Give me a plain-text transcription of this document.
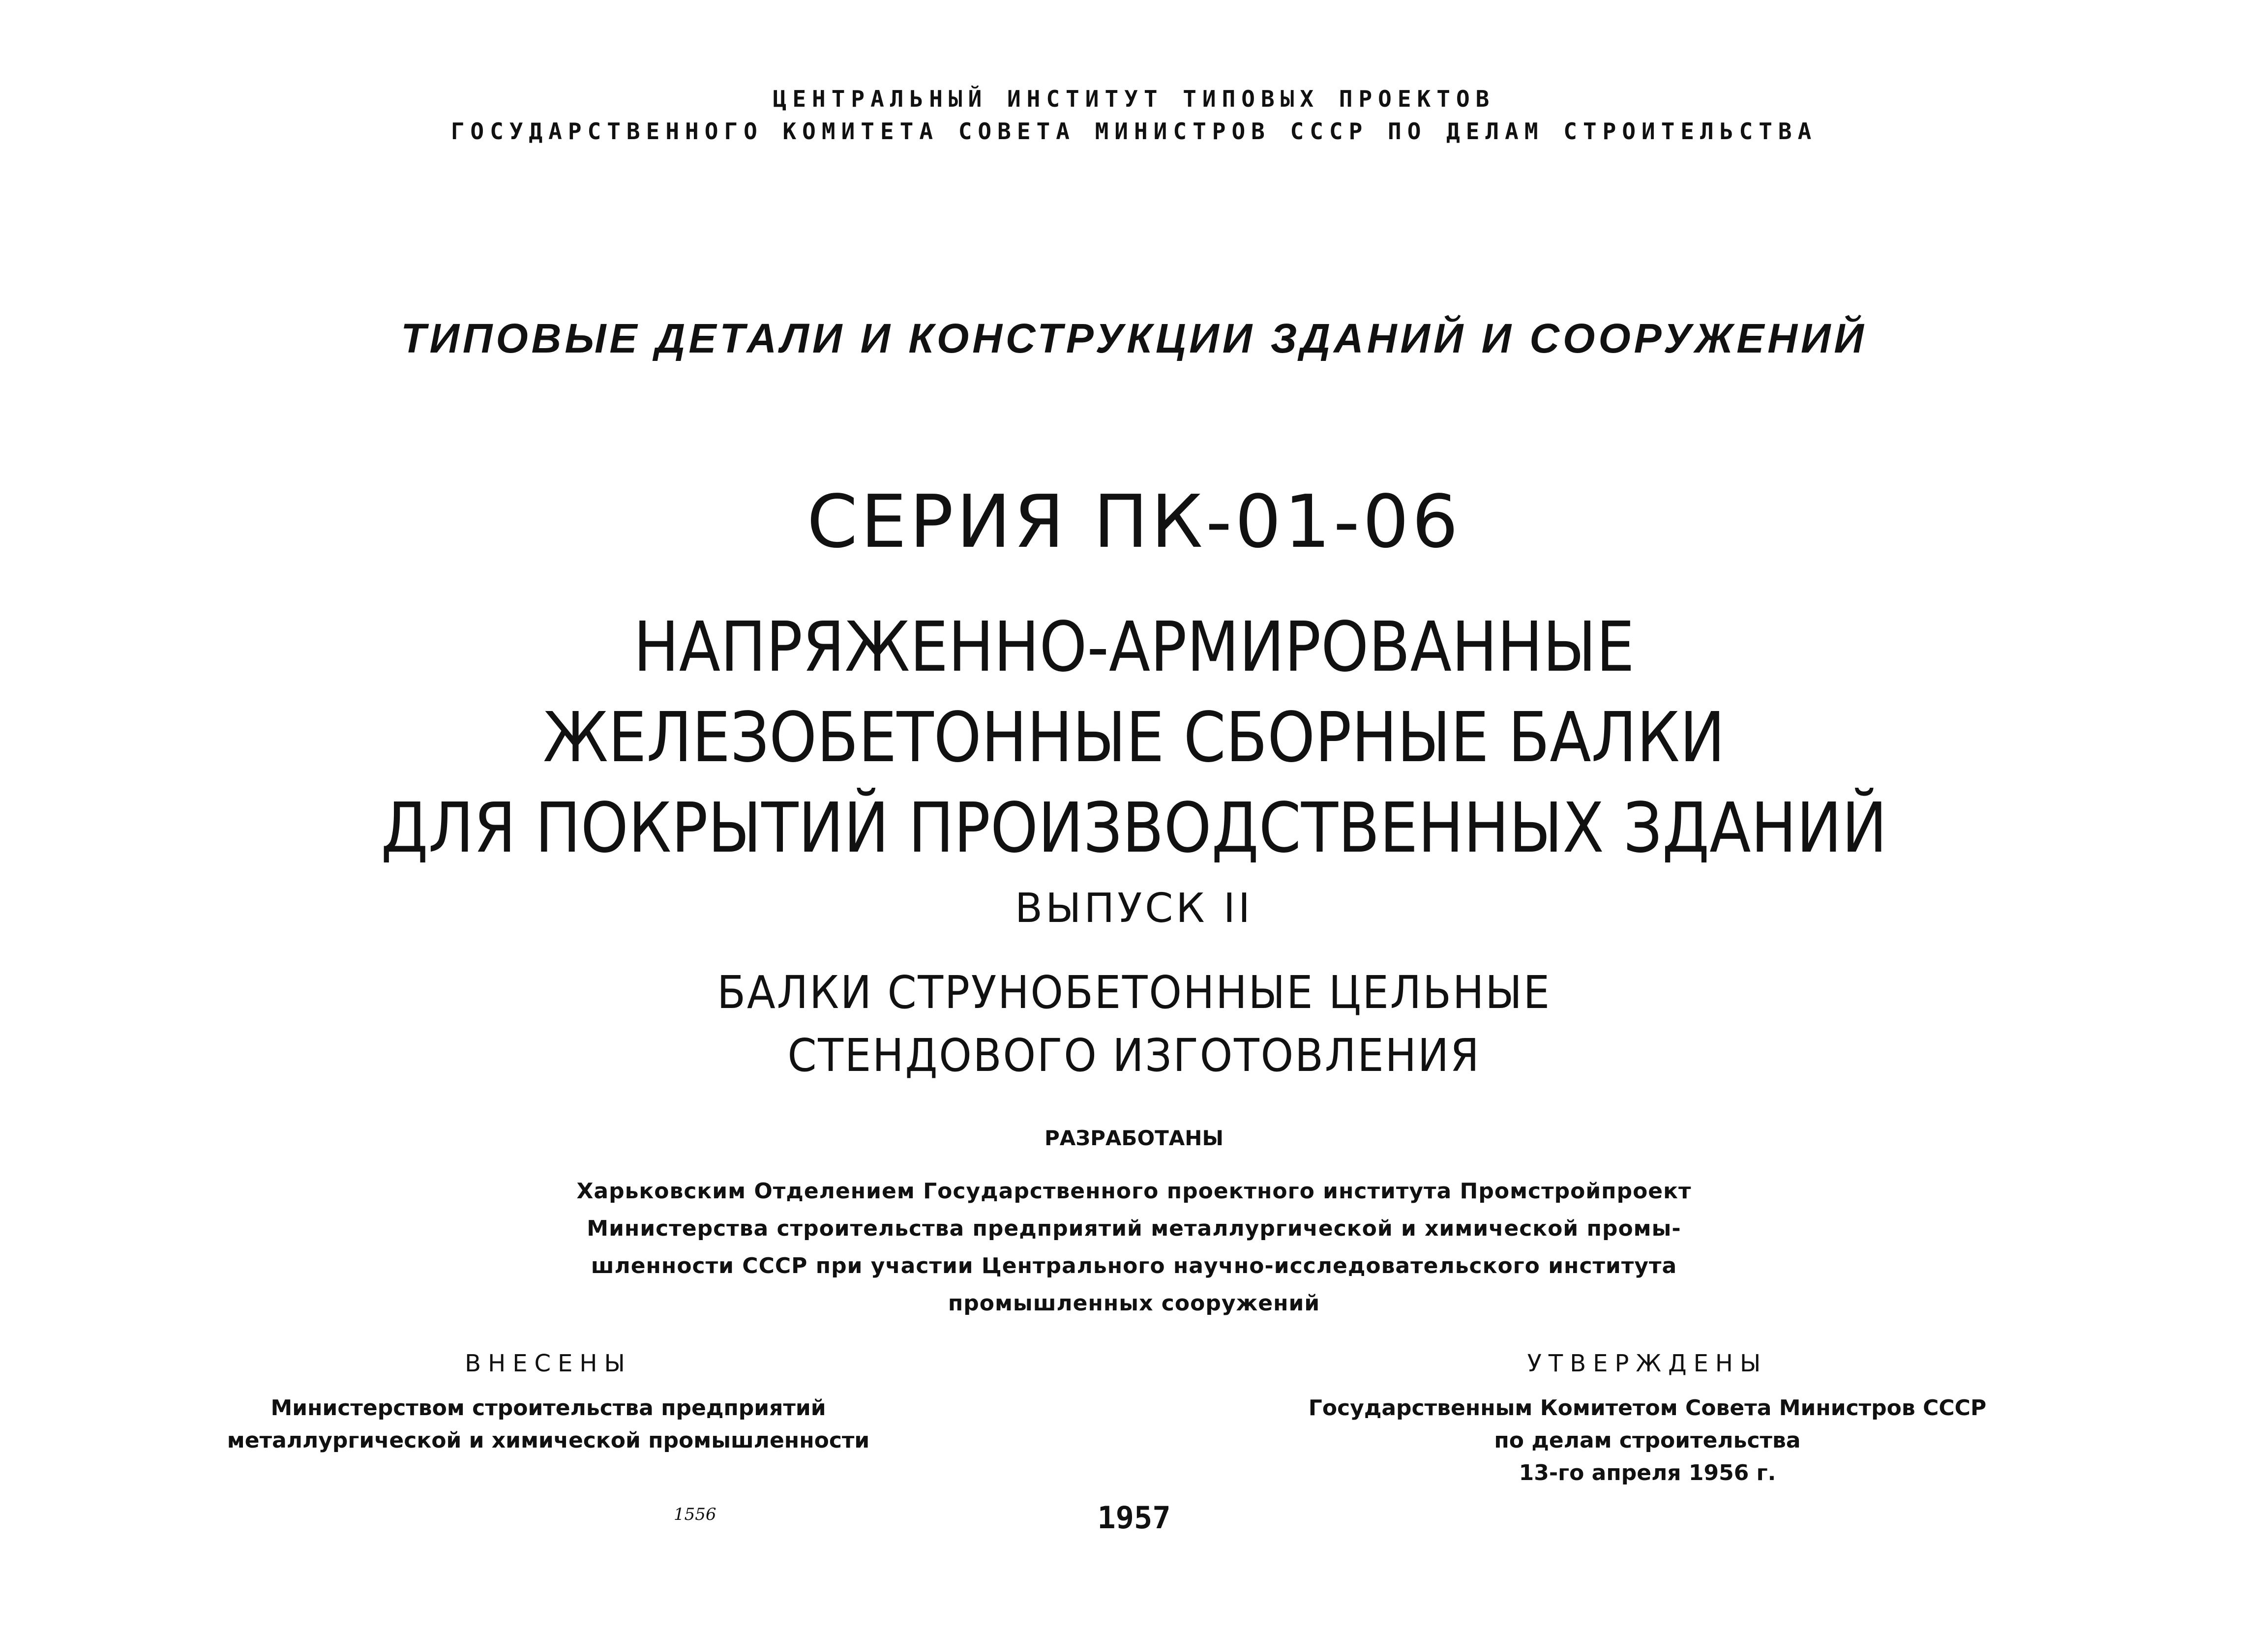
ЦЕНТРАЛЬНЫЙ ИНСТИТУТ ТИПОВЫХ ПРОЕКТОВ
ГОСУДАРСТВЕННОГО КОМИТЕТА СОВЕТА МИНИСТРОВ СССР ПО ДЕЛАМ СТРОИТЕЛЬСТВА
ТИПОВЫЕ ДЕТАЛИ И КОНСТРУКЦИИ ЗДАНИЙ И СООРУЖЕНИЙ
СЕРИЯ ПК-01-06
НАПРЯЖЕННО-АРМИРОВАННЫЕ
ЖЕЛЕЗОБЕТОННЫЕ СБОРНЫЕ БАЛКИ
ДЛЯ ПОКРЫТИЙ ПРОИЗВОДСТВЕННЫХ ЗДАНИЙ
ВЫПУСК II
БАЛКИ СТРУНОБЕТОННЫЕ ЦЕЛЬНЫЕ
СТЕНДОВОГО ИЗГОТОВЛЕНИЯ
РАЗРАБОТАНЫ
Харьковским Отделением Государственного проектного института Промстройпроект
Министерства строительства предприятий металлургической и химической промы-
шленности СССР при участии Центрального научно-исследовательского института
промышленных сооружений
ВНЕСЕНЫ
Министерством строительства предприятий
металлургической и химической промышленности
УТВЕРЖДЕНЫ
Государственным Комитетом Совета Министров СССР
по делам строительства
13-го апреля 1956 г.
1556	1957
